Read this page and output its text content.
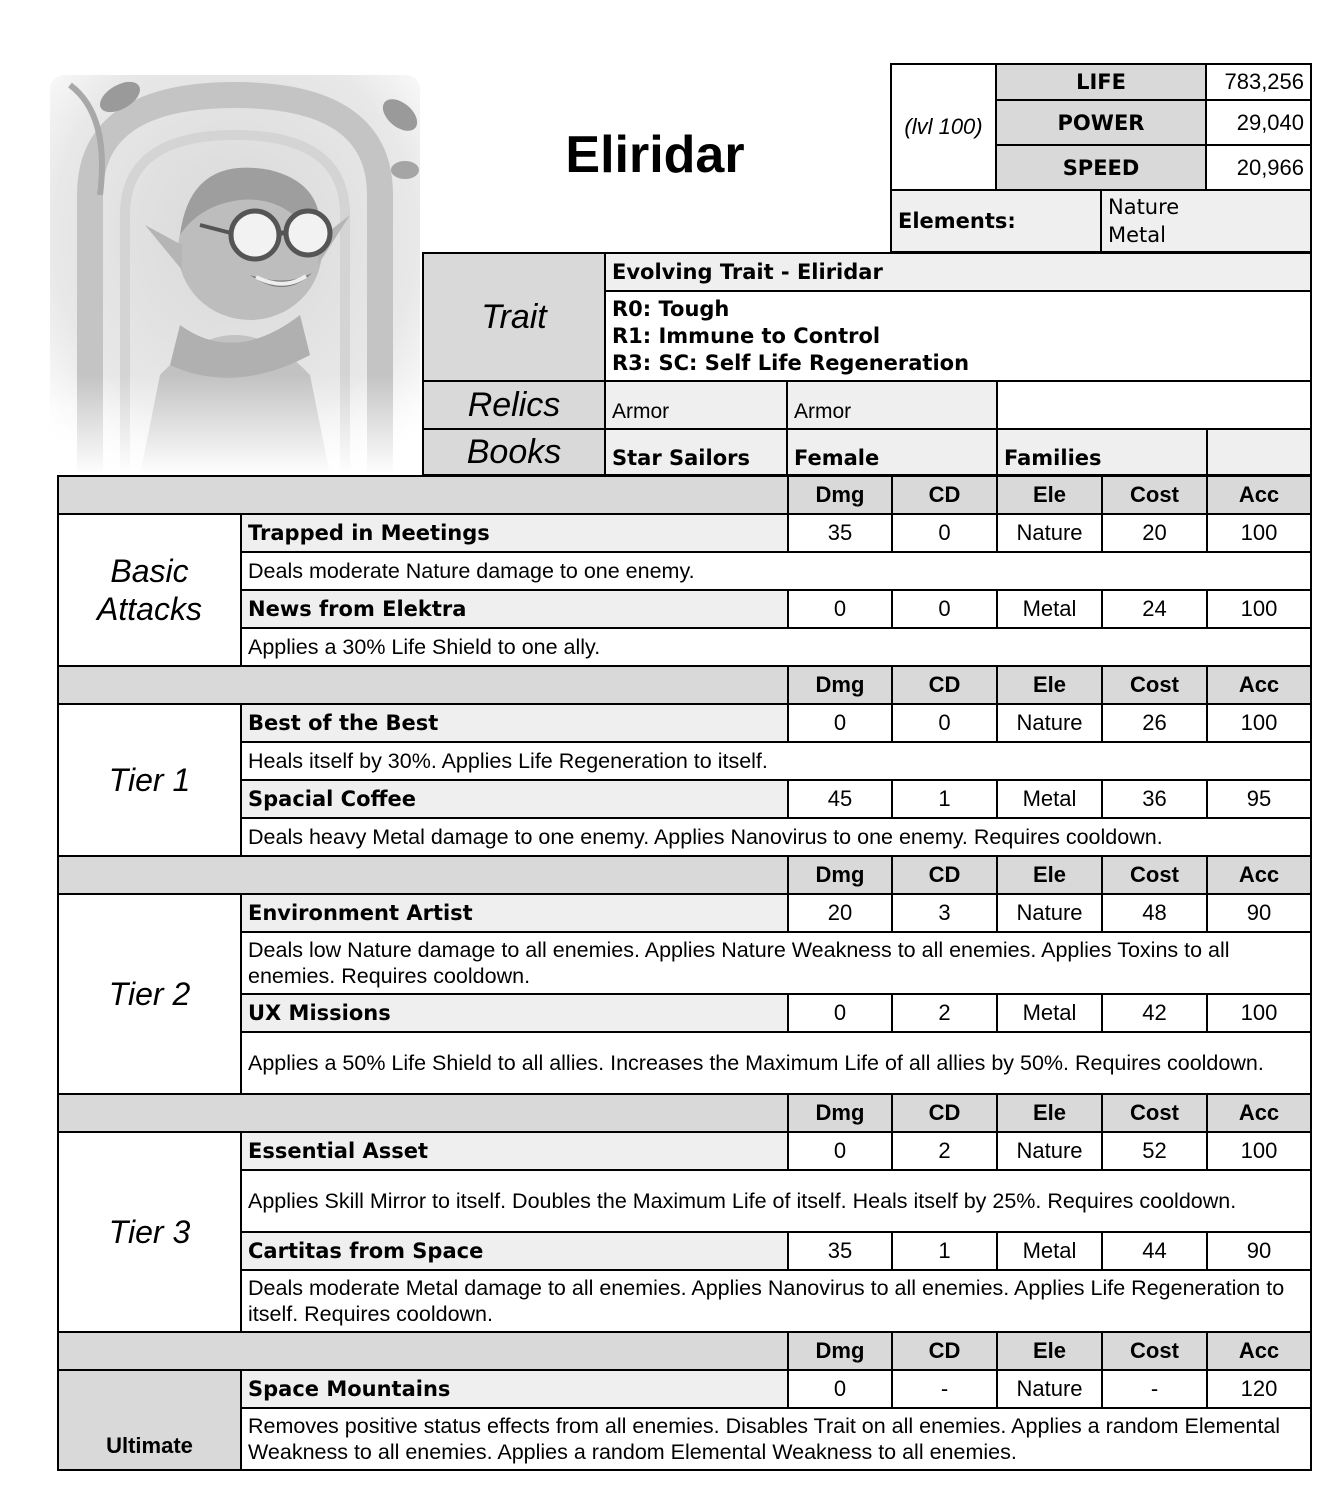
Eliridar	(lvl 100)	LIFE		783,256
	POWER		29,040
	SPEED		20,966
Elements:		Nature
Metal	
Trait	Evolving Trait - Eliridar			

	R0: Tough
R1: Immune to Control
R3: SC: Self Life Regeneration			

Relics	Armor	Armor		
Books	Star Sailors	Female	Families	
		Dmg	CD	Ele	Cost	Acc
Basic Attacks	Trapped in Meetings	35	0	Nature	20	100
	Deals moderate Nature damage to one enemy.					
	News from Elektra	0	0	Metal	24	100
	Applies a 30% Life Shield to one ally.					
		Dmg	CD	Ele	Cost	Acc
Tier 1	Best of the Best	0	0	Nature	26	100
	Heals itself by 30%. Applies Life Regeneration to itself.					
	Spacial Coffee	45	1	Metal	36	95
	Deals heavy Metal damage to one enemy. Applies Nanovirus to one enemy. Requires cooldown.					
		Dmg	CD	Ele	Cost	Acc
Tier 2	Environment Artist	20	3	Nature	48	90
	Deals low Nature damage to all enemies. Applies Nature Weakness to all enemies. Applies Toxins to all enemies. Requires cooldown.					
	UX Missions	0	2	Metal	42	100
	Applies a 50% Life Shield to all allies. Increases the Maximum Life of all allies by 50%. Requires cooldown.					
		Dmg	CD	Ele	Cost	Acc
Tier 3	Essential Asset	0	2	Nature	52	100
	Applies Skill Mirror to itself. Doubles the Maximum Life of itself. Heals itself by 25%. Requires cooldown.					
	Cartitas from Space	35	1	Metal	44	90
	Deals moderate Metal damage to all enemies. Applies Nanovirus to all enemies. Applies Life Regeneration to itself. Requires cooldown.					
		Dmg	CD	Ele	Cost	Acc
Ultimate	Space Mountains	0	-	Nature	-	120
	Removes positive status effects from all enemies. Disables Trait on all enemies. Applies a random Elemental Weakness to all enemies. Applies a random Elemental Weakness to all enemies.					
